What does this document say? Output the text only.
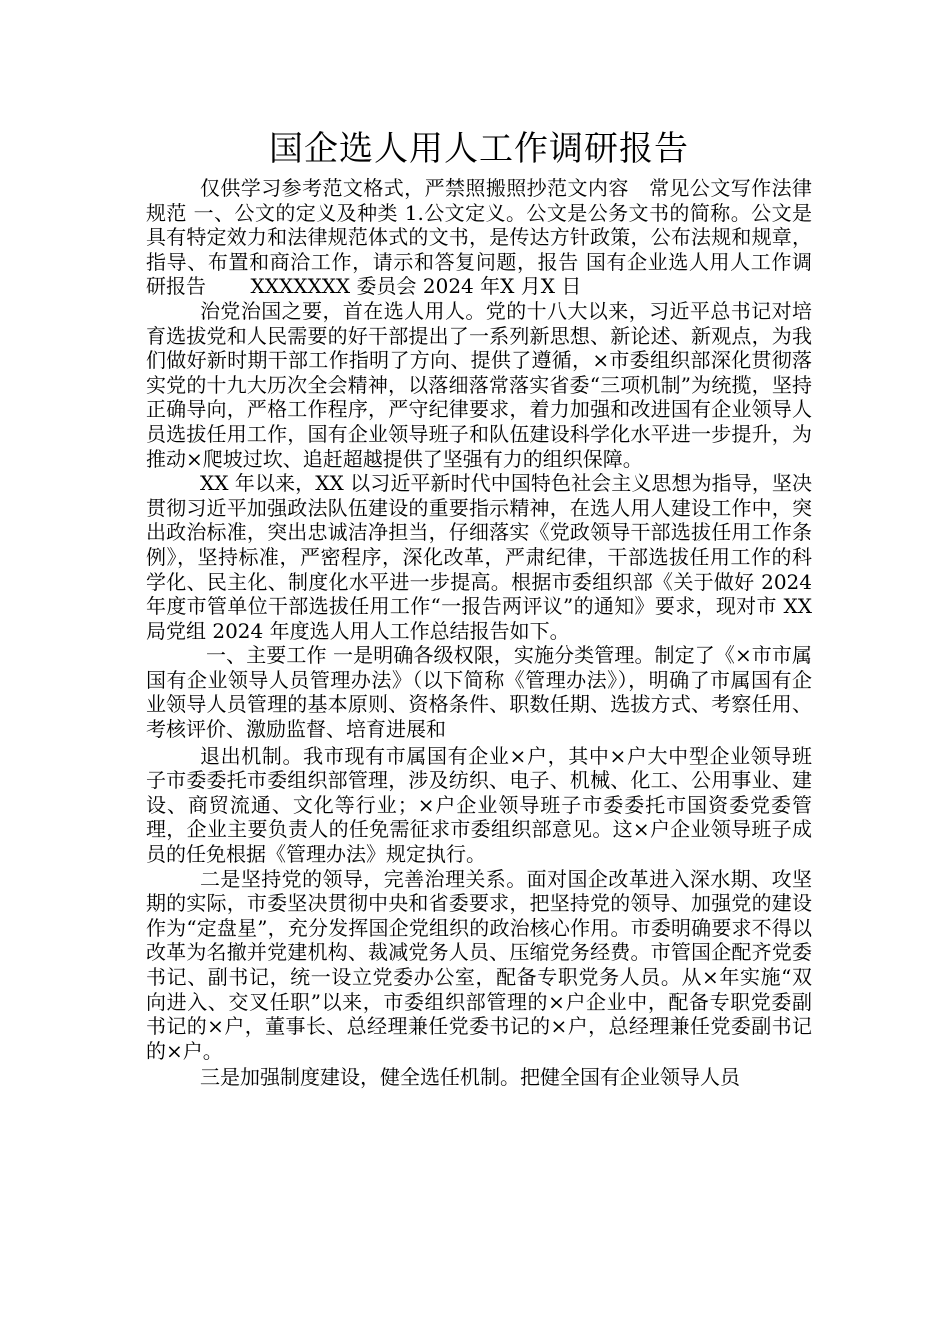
国企选人用人工作调研报告

仅供学习参考范文格式，严禁照搬照抄范文内容   常见公文写作法律规范 一、公文的定义及种类 1.公文定义。公文是公务文书的简称。公文是具有特定效力和法律规范体式的文书，是传达方针政策，公布法规和规章，指导、布置和商洽工作，请示和答复问题，报告 国有企业选人用人工作调研报告       XXXXXXX 委员会 2024 年X 月X 日

治党治国之要，首在选人用人。党的十八大以来，习近平总书记对培育选拔党和人民需要的好干部提出了一系列新思想、新论述、新观点，为我们做好新时期干部工作指明了方向、提供了遵循，×市委组织部深化贯彻落实党的十九大历次全会精神，以落细落常落实省委“三项机制”为统揽，坚持正确导向，严格工作程序，严守纪律要求，着力加强和改进国有企业领导人员选拔任用工作，国有企业领导班子和队伍建设科学化水平进一步提升，为推动×爬坡过坎、追赶超越提供了坚强有力的组织保障。

XX 年以来，XX 以习近平新时代中国特色社会主义思想为指导，坚决贯彻习近平加强政法队伍建设的重要指示精神，在选人用人建设工作中，突出政治标准，突出忠诚洁净担当，仔细落实《党政领导干部选拔任用工作条例》，坚持标准，严密程序，深化改革，严肃纪律，干部选拔任用工作的科学化、民主化、制度化水平进一步提高。根据市委组织部《关于做好 2024 年度市管单位干部选拔任用工作“一报告两评议”的通知》要求，现对市 XX 局党组 2024 年度选人用人工作总结报告如下。

一、主要工作 一是明确各级权限，实施分类管理。制定了《×市市属国有企业领导人员管理办法》（以下简称《管理办法》），明确了市属国有企业领导人员管理的基本原则、资格条件、职数任期、选拔方式、考察任用、考核评价、激励监督、培育进展和

退出机制。我市现有市属国有企业×户，其中×户大中型企业领导班子市委委托市委组织部管理，涉及纺织、电子、机械、化工、公用事业、建设、商贸流通、文化等行业；×户企业领导班子市委委托市国资委党委管理，企业主要负责人的任免需征求市委组织部意见。这×户企业领导班子成员的任免根据《管理办法》规定执行。

二是坚持党的领导，完善治理关系。面对国企改革进入深水期、攻坚期的实际，市委坚决贯彻中央和省委要求，把坚持党的领导、加强党的建设作为“定盘星”，充分发挥国企党组织的政治核心作用。市委明确要求不得以改革为名撤并党建机构、裁减党务人员、压缩党务经费。市管国企配齐党委书记、副书记，统一设立党委办公室，配备专职党务人员。从×年实施“双向进入、交叉任职”以来，市委组织部管理的×户企业中，配备专职党委副书记的×户，董事长、总经理兼任党委书记的×户，总经理兼任党委副书记的×户。

三是加强制度建设，健全选任机制。把健全国有企业领导人员
